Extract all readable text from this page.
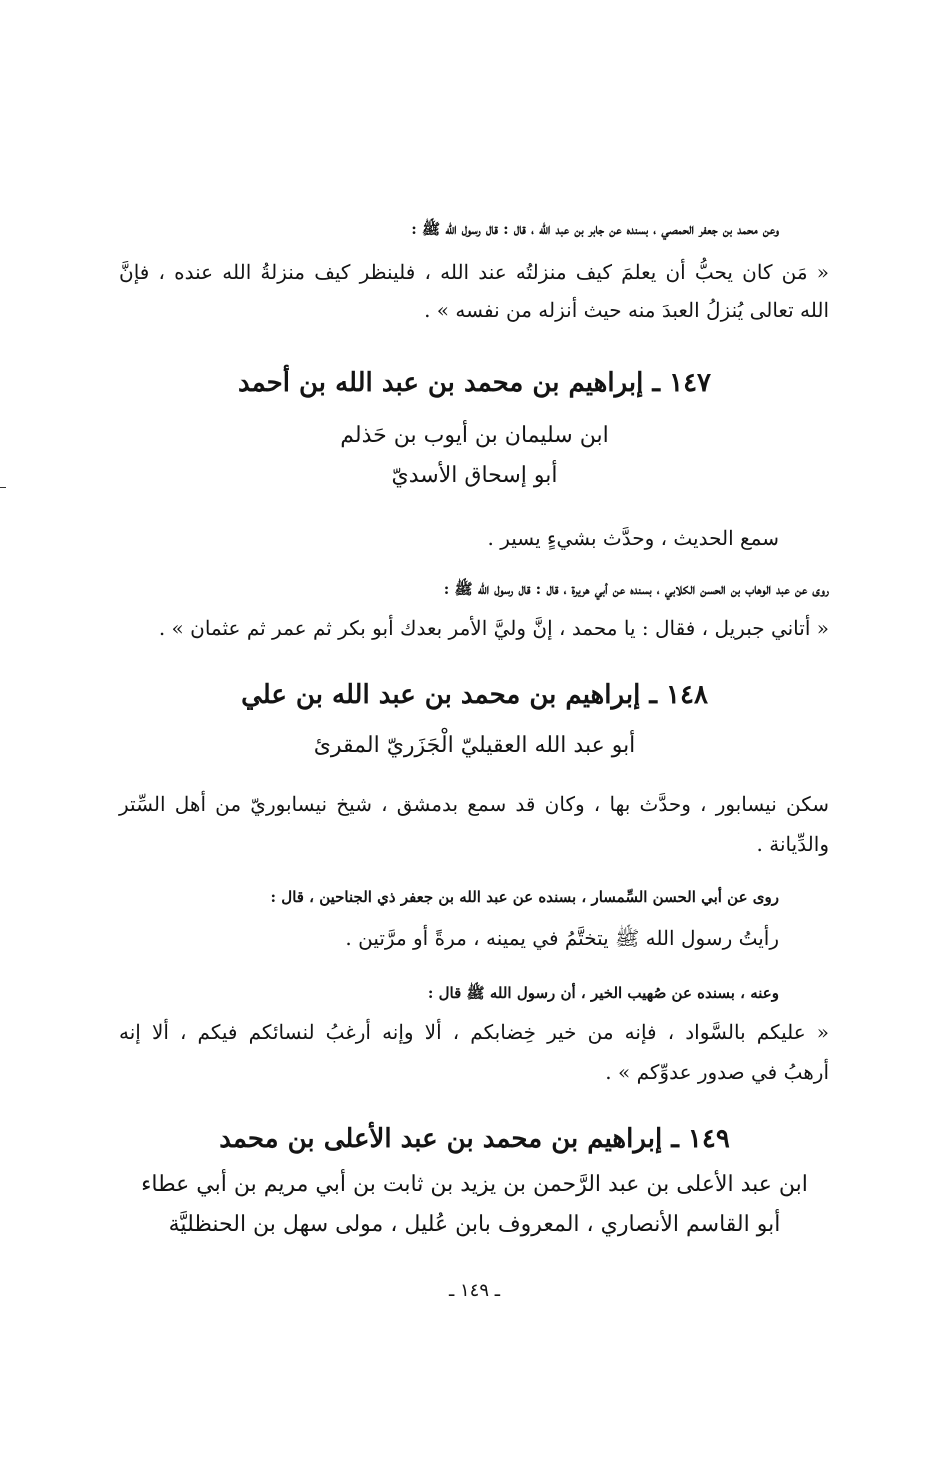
وعن محمد بن جعفر الحمصي ، بسنده عن جابر بن عبد الله ، قال : قال رسول الله ﷺ :
« مَن كان يحبُّ أن يعلمَ كيف منزلتُه عند الله ، فلينظر كيف منزلةُ الله عنده ، فإنَّ
الله تعالى يُنزلُ العبدَ منه حيث أنزله من نفسه » .
١٤٧ ـ إبراهيم بن محمد بن عبد الله بن أحمد
ابن سليمان بن أيوب بن حَذلم
أبو إسحاق الأسديّ
سمع الحديث ، وحدَّث بشيءٍ يسير .
روى عن عبد الوهاب بن الحسن الكلابي ، بسنده عن أبي هريرة ، قال : قال رسول الله ﷺ :
« أتاني جبريل ، فقال : يا محمد ، إنَّ وليَّ الأمر بعدك أبو بكر ثم عمر ثم عثمان » .
١٤٨ ـ إبراهيم بن محمد بن عبد الله بن علي
أبو عبد الله العقيليّ الْجَزَريّ المقرئ
سكن نيسابور ، وحدَّث بها ، وكان قد سمع بدمشق ، شيخ نيسابوريّ من أهل السِّتر
والدِّيانة .
روى عن أبي الحسن السِّمسار ، بسنده عن عبد الله بن جعفر ذي الجناحين ، قال :
رأيتُ رسول الله ﷺ يتختَّمُ في يمينه ، مرةً أو مرَّتين .
وعنه ، بسنده عن صُهيب الخير ، أن رسول الله ﷺ قال :
« عليكم بالسَّواد ، فإنه من خير خِضابكم ، ألا وإنه أرغبُ لنسائكم فيكم ، ألا إنه
أرهبُ في صدور عدوِّكم » .
١٤٩ ـ إبراهيم بن محمد بن عبد الأعلى بن محمد
ابن عبد الأعلى بن عبد الرَّحمن بن يزيد بن ثابت بن أبي مريم بن أبي عطاء
أبو القاسم الأنصاري ، المعروف بابن عُليل ، مولى سهل بن الحنظليَّة
ـ ١٤٩ ـ
